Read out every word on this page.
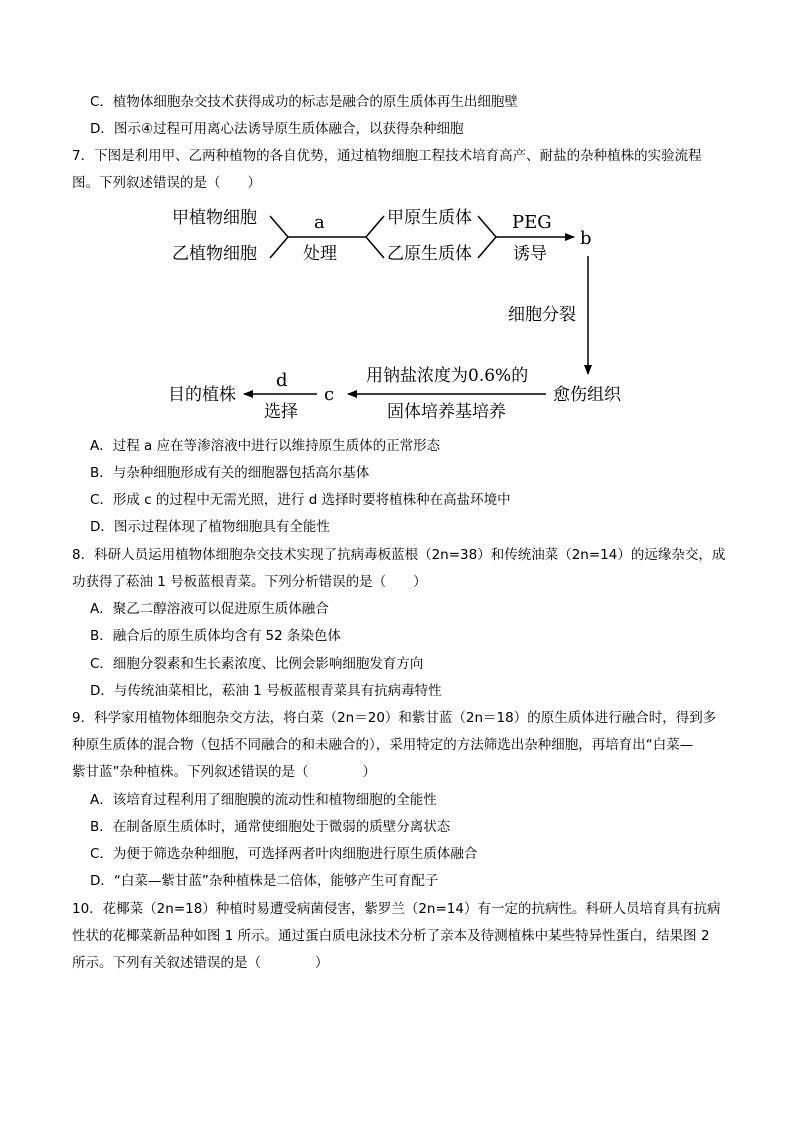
C．植物体细胞杂交技术获得成功的标志是融合的原生质体再生出细胞壁
D．图示④过程可用离心法诱导原生质体融合，以获得杂种细胞
7．下图是利用甲、乙两种植物的各自优势，通过植物细胞工程技术培育高产、耐盐的杂种植株的实验流程
图。下列叙述错误的是（　　）
甲植物细胞
乙植物细胞
a
处理
甲原生质体
乙原生质体
PEG
诱导
b
细胞分裂
愈伤组织
用钠盐浓度为0.6%的
固体培养基培养
c
d
选择
目的植株
A．过程 a 应在等渗溶液中进行以维持原生质体的正常形态
B．与杂种细胞形成有关的细胞器包括高尔基体
C．形成 c 的过程中无需光照，进行 d 选择时要将植株种在高盐环境中
D．图示过程体现了植物细胞具有全能性
8．科研人员运用植物体细胞杂交技术实现了抗病毒板蓝根（2n=38）和传统油菜（2n=14）的远缘杂交，成
功获得了菘油 1 号板蓝根青菜。下列分析错误的是（　　）
A．聚乙二醇溶液可以促进原生质体融合
B．融合后的原生质体均含有 52 条染色体
C．细胞分裂素和生长素浓度、比例会影响细胞发育方向
D．与传统油菜相比，菘油 1 号板蓝根青菜具有抗病毒特性
9．科学家用植物体细胞杂交方法，将白菜（2n＝20）和紫甘蓝（2n＝18）的原生质体进行融合时，得到多
种原生质体的混合物（包括不同融合的和未融合的），采用特定的方法筛选出杂种细胞，再培育出“白菜—
紫甘蓝”杂种植株。下列叙述错误的是（　　　　）
A．该培育过程利用了细胞膜的流动性和植物细胞的全能性
B．在制备原生质体时，通常使细胞处于微弱的质壁分离状态
C．为便于筛选杂种细胞，可选择两者叶肉细胞进行原生质体融合
D．“白菜—紫甘蓝”杂种植株是二倍体，能够产生可育配子
10．花椰菜（2n=18）种植时易遭受病菌侵害，紫罗兰（2n=14）有一定的抗病性。科研人员培育具有抗病
性状的花椰菜新品种如图 1 所示。通过蛋白质电泳技术分析了亲本及待测植株中某些特异性蛋白，结果图 2
所示。下列有关叙述错误的是（　　　　）
